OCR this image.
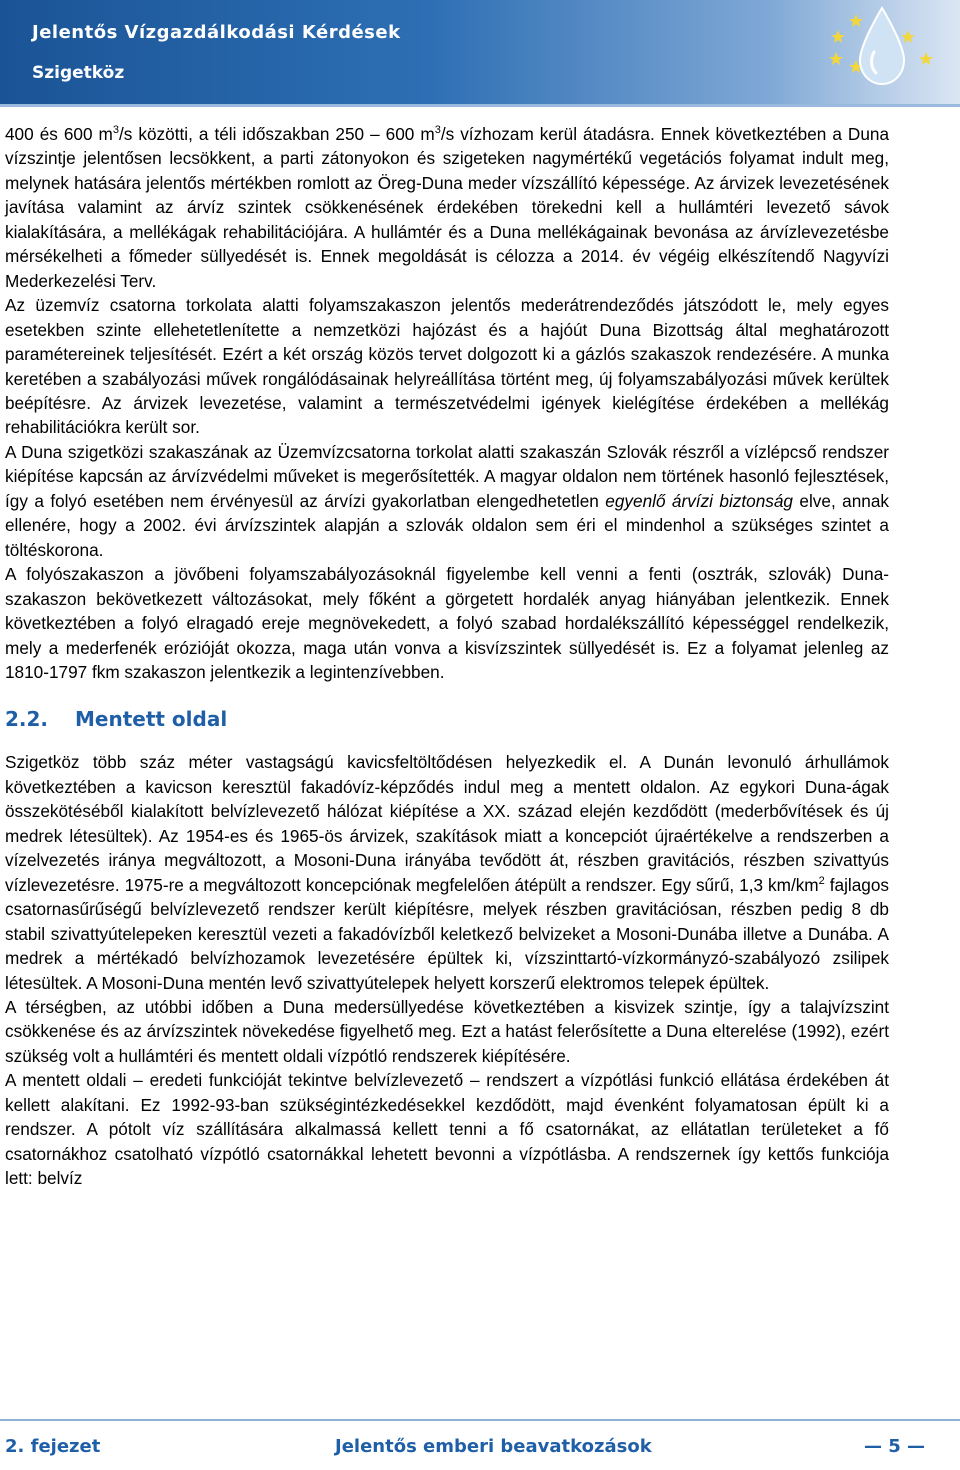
Jelentős Vízgazdálkodási Kérdések
Szigetköz

400 és 600 $m^3/s$ közötti, a téli időszakban 250 – 600 $m^3/s$ vízhozam kerül átadásra. Ennek következtében a Duna vízszintje jelentősen lecsökkent, a parti zátonyokon és szigeteken nagymértékű vegetációs folyamat indult meg, melynek hatására jelentős mértékben romlott az Öreg-Duna meder vízszállító képessége. Az árvizek levezetésének javítása valamint az árvíz szintek csökkenésének érdekében törekedni kell a hullámtéri levezető sávok kialakítására, a mellékágak rehabilitációjára. A hullámtér és a Duna mellékágainak bevonása az árvízlevezetésbe mérsékelheti a főmeder süllyedését is. Ennek megoldását is célozza a 2014. év végéig elkészítendő Nagyvízi Mederkezelési Terv.

Az üzemvíz csatorna torkolata alatti folyamszakaszon jelentős mederátrendeződés játszódott le, mely egyes esetekben szinte ellehetetlenítette a nemzetközi hajózást és a hajóút Duna Bizottság által meghatározott paramétereinek teljesítését. Ezért a két ország közös tervet dolgozott ki a gázlós szakaszok rendezésére. A munka keretében a szabályozási művek rongálódásainak helyreállítása történt meg, új folyamszabályozási művek kerültek beépítésre. Az árvizek levezetése, valamint a természetvédelmi igények kielégítése érdekében a mellékág rehabilitációkra került sor.

A Duna szigetközi szakaszának az Üzemvízcsatorna torkolat alatti szakaszán Szlovák részről a vízlépcső rendszer kiépítése kapcsán az árvízvédelmi műveket is megerősítették. A magyar oldalon nem történek hasonló fejlesztések, így a folyó esetében nem érvényesül az árvízi gyakorlatban elengedhetetlen egyenlő árvízi biztonság elve, annak ellenére, hogy a 2002. évi árvízszintek alapján a szlovák oldalon sem éri el mindenhol a szükséges szintet a töltéskorona.

A folyószakaszon a jövőbeni folyamszabályozásoknál figyelembe kell venni a fenti (osztrák, szlovák) Duna-szakaszon bekövetkezett változásokat, mely főként a görgetett hordalék anyag hiányában jelentkezik. Ennek következtében a folyó elragadó ereje megnövekedett, a folyó szabad hordalékszállító képességgel rendelkezik, mely a mederfenék erózióját okozza, maga után vonva a kisvízszintek süllyedését is. Ez a folyamat jelenleg az 1810-1797 fkm szakaszon jelentkezik a legintenzívebben.

2.2.	Mentett oldal

Szigetköz több száz méter vastagságú kavicsfeltöltődésen helyezkedik el. A Dunán levonuló árhullámok következtében a kavicson keresztül fakadóvíz-képződés indul meg a mentett oldalon. Az egykori Duna-ágak összekötéséből kialakított belvízlevezető hálózat kiépítése a XX. század elején kezdődött (mederbővítések és új medrek létesültek). Az 1954-es és 1965-ös árvizek, szakítások miatt a koncepciót újraértékelve a rendszerben a vízelvezetés iránya megváltozott, a Mosoni-Duna irányába tevődött át, részben gravitációs, részben szivattyús vízlevezetésre. 1975-re a megváltozott koncepciónak megfelelően átépült a rendszer. Egy sűrű, 1,3 $km/km^2$ fajlagos csatornasűrűségű belvízlevezető rendszer került kiépítésre, melyek részben gravitációsan, részben pedig 8 db stabil szivattyútelepeken keresztül vezeti a fakadóvízből keletkező belvizeket a Mosoni-Dunába illetve a Dunába. A medrek a mértékadó belvízhozamok levezetésére épültek ki, vízszinttartó-vízkormányzó-szabályozó zsilipek létesültek. A Mosoni-Duna mentén levő szivattyútelepek helyett korszerű elektromos telepek épültek.

A térségben, az utóbbi időben a Duna medersüllyedése következtében a kisvizek szintje, így a talajvízszint csökkenése és az árvízszintek növekedése figyelhető meg. Ezt a hatást felerősítette a Duna elterelése (1992), ezért szükség volt a hullámtéri és mentett oldali vízpótló rendszerek kiépítésére.

A mentett oldali – eredeti funkcióját tekintve belvízlevezető – rendszert a vízpótlási funkció ellátása érdekében át kellett alakítani. Ez 1992-93-ban szükségintézkedésekkel kezdődött, majd évenként folyamatosan épült ki a rendszer. A pótolt víz szállítására alkalmassá kellett tenni a fő csatornákat, az ellátatlan területeket a fő csatornákhoz csatolható vízpótló csatornákkal lehetett bevonni a vízpótlásba. A rendszernek így kettős funkciója lett: belvíz

2. fejezet	Jelentős emberi beavatkozások	— 5 —
